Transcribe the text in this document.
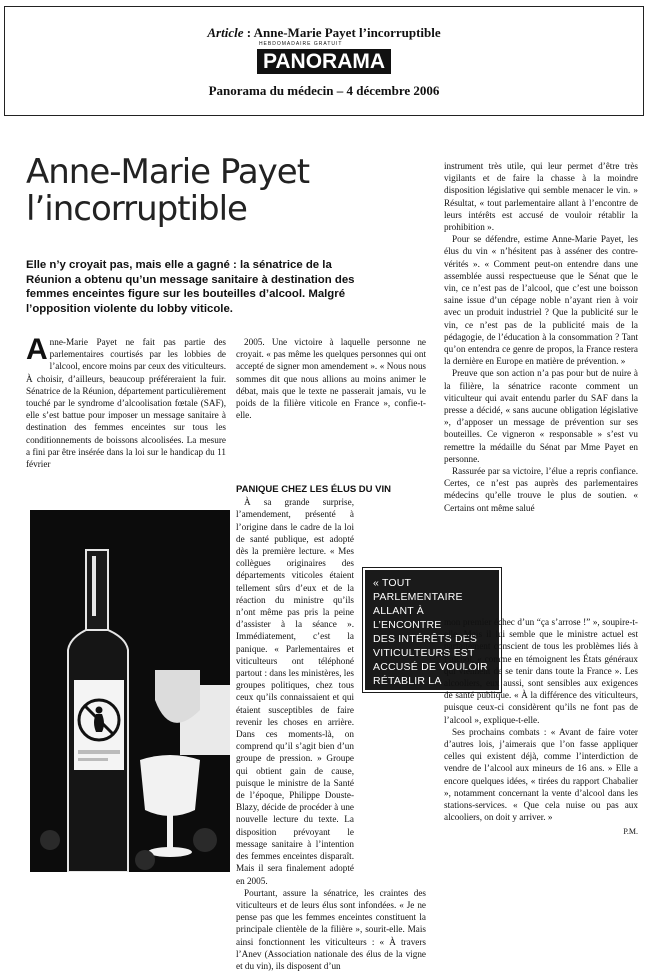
Article : Anne-Marie Payet l’incorruptible
HEBDOMADAIRE GRATUIT
PANORAMA
Panorama du médecin – 4 décembre 2006
Anne-Marie Payet
l’incorruptible
Elle n’y croyait pas, mais elle a gagné : la sénatrice de la Réunion a obtenu qu’un message sanitaire à destination des femmes enceintes figure sur les bouteilles d’alcool. Malgré l’opposition violente du lobby viticole.

Anne-Marie Payet ne fait pas partie des parlementaires courtisés par les lobbies de l’alcool, encore moins par ceux des viticulteurs. À choisir, d’ailleurs, beaucoup préféreraient la fuir. Sénatrice de la Réunion, département particulièrement touché par le syndrome d’alcoolisation fœtale (SAF), elle s’est battue pour imposer un message sanitaire à destination des femmes enceintes sur tous les conditionnements de boissons alcoolisées. La mesure a fini par être insérée dans la loi sur le handicap du 11 février

2005. Une victoire à laquelle personne ne croyait. « pas même les quelques personnes qui ont accepté de signer mon amendement ». « Nous nous sommes dit que nous allions au moins animer le débat, mais que le texte ne passerait jamais, vu le poids de la filière viticole en France », confie-t-elle.

PANIQUE CHEZ LES ÉLUS DU VIN

À sa grande surprise, l’amendement, présenté à l’origine dans le cadre de la loi de santé publique, est adopté dès la première lecture. « Mes collègues originaires des départements viticoles étaient tellement sûrs d’eux et de la réaction du ministre qu’ils n’ont même pas pris la peine d’assister à la séance ». Immédiatement, c’est la panique. « Parlementaires et viticulteurs ont téléphoné partout : dans les ministères, les groupes politiques, chez tous ceux qu’ils connaissaient et qui étaient susceptibles de faire revenir les choses en arrière. Dans ces moments-là, on comprend qu’il s’agit bien d’un groupe de pression. » Groupe qui obtient gain de cause, puisque le ministre de la Santé de l’époque, Philippe Douste-Blazy, décide de procéder à une nouvelle lecture du texte. La disposition prévoyant le message sanitaire à l’intention des femmes enceintes disparaît. Mais il sera finalement adopté en 2005.

Pourtant, assure la sénatrice, les craintes des viticulteurs et de leurs élus sont infondées. « Je ne pense pas que les femmes enceintes constituent la principale clientèle de la filière », sourit-elle. Mais ainsi fonctionnent les viticulteurs : « À travers l’Anev (Association nationale des élus de la vigne et du vin), ils disposent d’un

« TOUT PARLEMENTAIRE
ALLANT À L’ENCONTRE
DES INTÉRÊTS DES
VITICULTEURS EST
ACCUSÉ DE VOULOIR
RÉTABLIR LA
PROHIBITION »

instrument très utile, qui leur permet d’être très vigilants et de faire la chasse à la moindre disposition législative qui semble menacer le vin. » Résultat, « tout parlementaire allant à l’encontre de leurs intérêts est accusé de vouloir rétablir la prohibition ».

Pour se défendre, estime Anne-Marie Payet, les élus du vin « n’hésitent pas à asséner des contre-vérités ». « Comment peut-on entendre dans une assemblée aussi respectueuse que le Sénat que le vin, ce n’est pas de l’alcool, que c’est une boisson saine issue d’un cépage noble n’ayant rien à voir avec un produit industriel ? Que la publicité sur le vin, ce n’est pas de la publicité mais de la pédagogie, de l’éducation à la consommation ? Tant qu’on entendra ce genre de propos, la France restera la dernière en Europe en matière de prévention. »

Preuve que son action n’a pas pour but de nuire à la filière, la sénatrice raconte comment un viticulteur qui avait entendu parler du SAF dans la presse a décidé, « sans aucune obligation législative », d’apposer un message de prévention sur ses bouteilles. Ce vigneron « responsable » s’est vu remettre la médaille du Sénat par Mme Payet en personne.

Rassurée par sa victoire, l’élue a repris confiance. Certes, ce n’est pas auprès des parlementaires médecins qu’elle trouve le plus de soutien. « Certains ont même salué

mon premier échec d’un “ça s’arrose !” », soupire-t-elle. Mais il lui semble que le ministre actuel est parfaitement conscient de tous les problèmes liés à l’alcool, « comme en témoignent les États généraux qui viennent de se tenir dans toute la France ». Les alcooliers, eux aussi, sont sensibles aux exigences de santé publique. « À la différence des viticulteurs, puisque ceux-ci considèrent qu’ils ne font pas de l’alcool », explique-t-elle.

Ses prochains combats : « Avant de faire voter d’autres lois, j’aimerais que l’on fasse appliquer celles qui existent déjà, comme l’interdiction de vendre de l’alcool aux mineurs de 16 ans. » Elle a encore quelques idées, « tirées du rapport Chabalier », notamment concernant la vente d’alcool dans les stations-services. « Que cela nuise ou pas aux alcooliers, on doit y arriver. »

P.M.
